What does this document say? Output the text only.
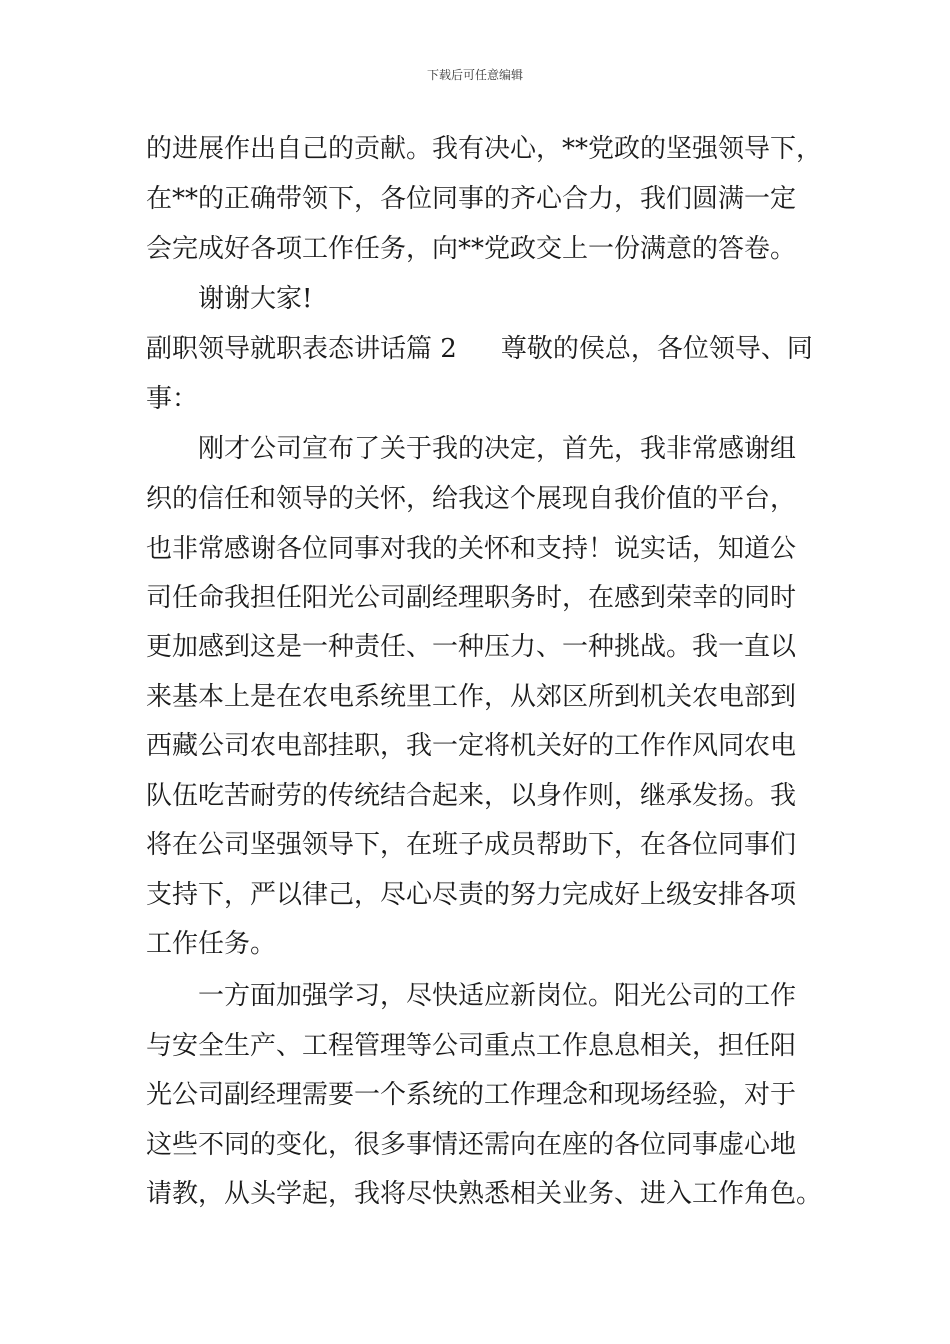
下载后可任意编辑
的进展作出自己的贡献。我有决心，**党政的坚强领导下，
在**的正确带领下，各位同事的齐心合力，我们圆满一定
会完成好各项工作任务，向**党政交上一份满意的答卷。
谢谢大家!
副职领导就职表态讲话篇 2 尊敬的侯总，各位领导、同
事：
刚才公司宣布了关于我的决定，首先，我非常感谢组
织的信任和领导的关怀，给我这个展现自我价值的平台，
也非常感谢各位同事对我的关怀和支持！说实话，知道公
司任命我担任阳光公司副经理职务时，在感到荣幸的同时
更加感到这是一种责任、一种压力、一种挑战。我一直以
来基本上是在农电系统里工作，从郊区所到机关农电部到
西藏公司农电部挂职，我一定将机关好的工作作风同农电
队伍吃苦耐劳的传统结合起来，以身作则，继承发扬。我
将在公司坚强领导下，在班子成员帮助下，在各位同事们
支持下，严以律己，尽心尽责的努力完成好上级安排各项
工作任务。
一方面加强学习，尽快适应新岗位。阳光公司的工作
与安全生产、工程管理等公司重点工作息息相关，担任阳
光公司副经理需要一个系统的工作理念和现场经验，对于
这些不同的变化，很多事情还需向在座的各位同事虚心地
请教，从头学起，我将尽快熟悉相关业务、进入工作角色。
